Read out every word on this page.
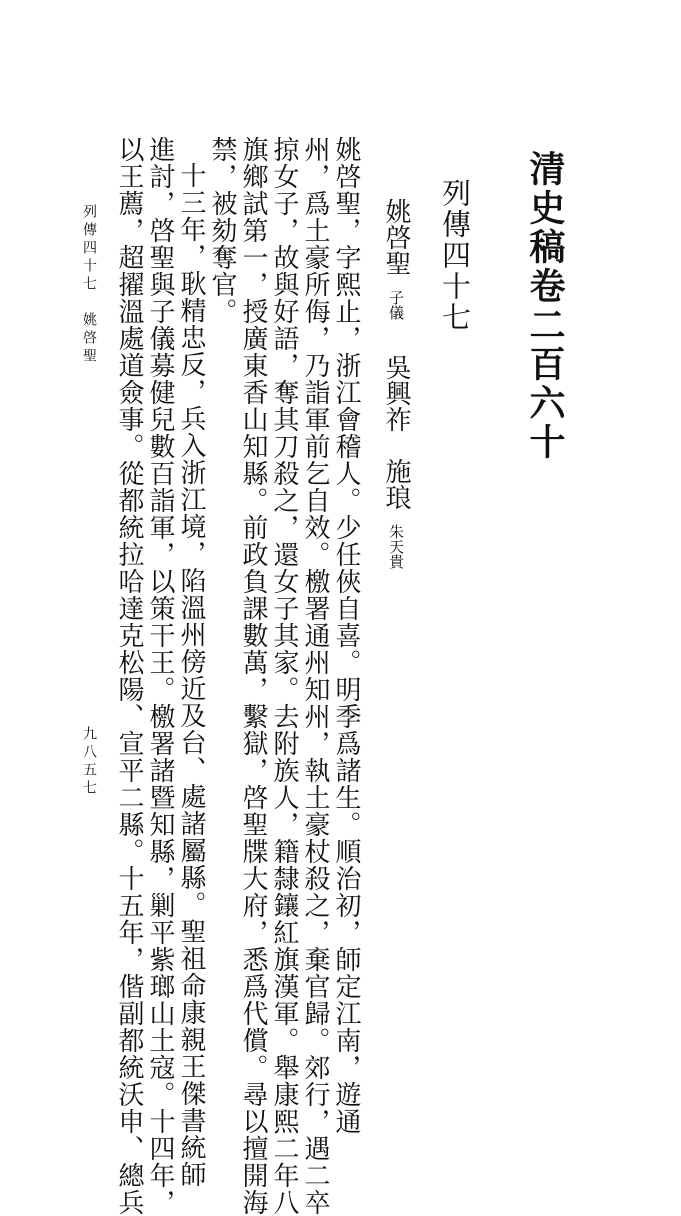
清史稿卷二百六十
列傳四十七
姚啓聖子儀吳興祚施琅朱天貴
姚啓聖，字熙止，浙江會稽人。少任俠自喜。明季爲諸生。順治初，師定江南，遊通
州，爲土豪所侮，乃詣軍前乞自效。檄署通州知州，執土豪杖殺之，棄官歸。郊行，遇二卒
掠女子，故與好語，奪其刀殺之，還女子其家。去附族人，籍隸鑲紅旗漢軍。舉康熙二年八
旗鄉試第一，授廣東香山知縣。前政負課數萬，繫獄，啓聖牒大府，悉爲代償。尋以擅開海
禁，被劾奪官。
十三年，耿精忠反，兵入浙江境，陷溫州傍近及台、處諸屬縣。聖祖命康親王傑書統師
進討，啓聖與子儀募健兒數百詣軍，以策干王。檄署諸暨知縣，剿平紫瑯山土寇。十四年，
以王薦，超擢溫處道僉事。從都統拉哈達克松陽、宣平二縣。十五年，偕副都統沃申、總兵
列傳四十七　姚啓聖
九八五七
